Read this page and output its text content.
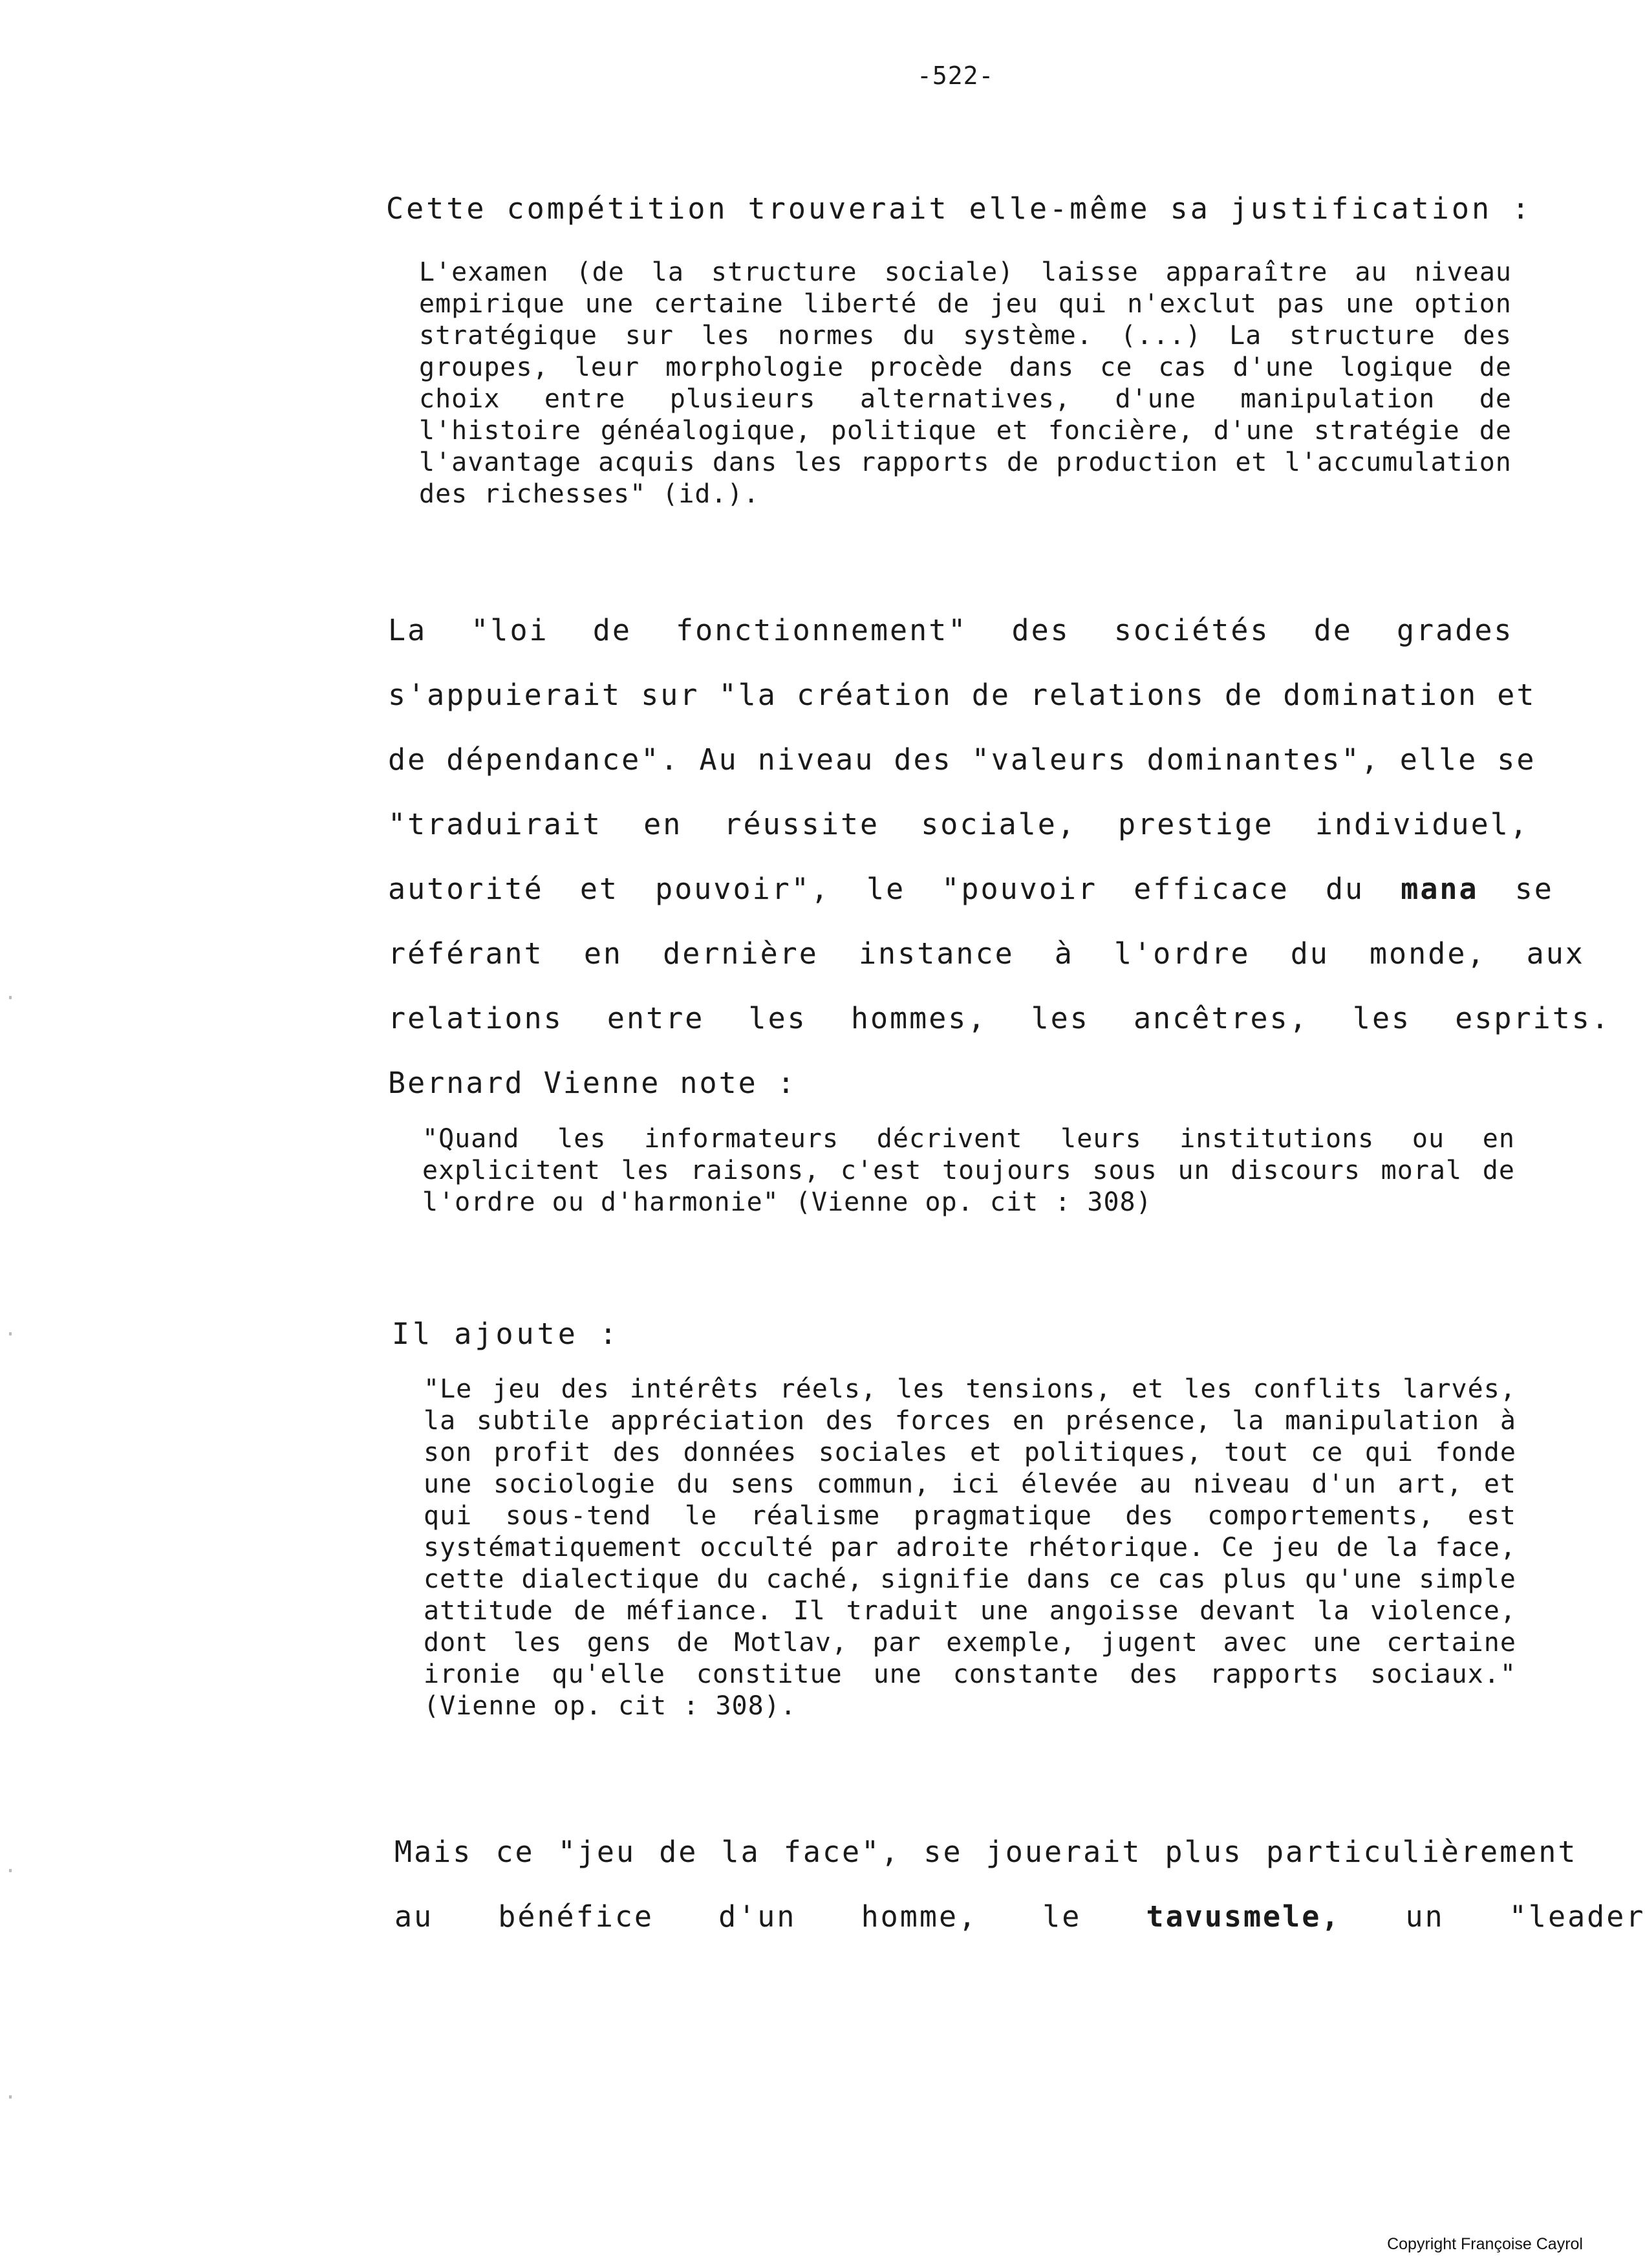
-522-
Cette compétition trouverait elle-même sa justification :
L'examen (de la structure sociale) laisse apparaître au niveau
empirique une certaine liberté de jeu qui n'exclut pas une option
stratégique sur les normes du système. (...) La structure des
groupes, leur morphologie procède dans ce cas d'une logique de
choix entre plusieurs alternatives, d'une manipulation de
l'histoire généalogique, politique et foncière, d'une stratégie de
l'avantage acquis dans les rapports de production et l'accumulation
des richesses" (id.).
La "loi de fonctionnement" des sociétés de grades
s'appuierait sur "la création de relations de domination et
de dépendance". Au niveau des "valeurs dominantes", elle se
"traduirait en réussite sociale, prestige individuel,
autorité et pouvoir", le "pouvoir efficace du mana se
référant en dernière instance à l'ordre du monde, aux
relations entre les hommes, les ancêtres, les esprits.
Bernard Vienne note :
"Quand les informateurs décrivent leurs institutions ou en
explicitent les raisons, c'est toujours sous un discours moral de
l'ordre ou d'harmonie" (Vienne op. cit : 308)
Il ajoute :
"Le jeu des intérêts réels, les tensions, et les conflits larvés,
la subtile appréciation des forces en présence, la manipulation à
son profit des données sociales et politiques, tout ce qui fonde
une sociologie du sens commun, ici élevée au niveau d'un art, et
qui sous-tend le réalisme pragmatique des comportements, est
systématiquement occulté par adroite rhétorique. Ce jeu de la face,
cette dialectique du caché, signifie dans ce cas plus qu'une simple
attitude de méfiance. Il traduit une angoisse devant la violence,
dont les gens de Motlav, par exemple, jugent avec une certaine
ironie qu'elle constitue une constante des rapports sociaux."
(Vienne op. cit : 308).
Mais ce "jeu de la face", se jouerait plus particulièrement
au bénéfice d'un homme, le tavusmele, un "leader
Copyright Françoise Cayrol
